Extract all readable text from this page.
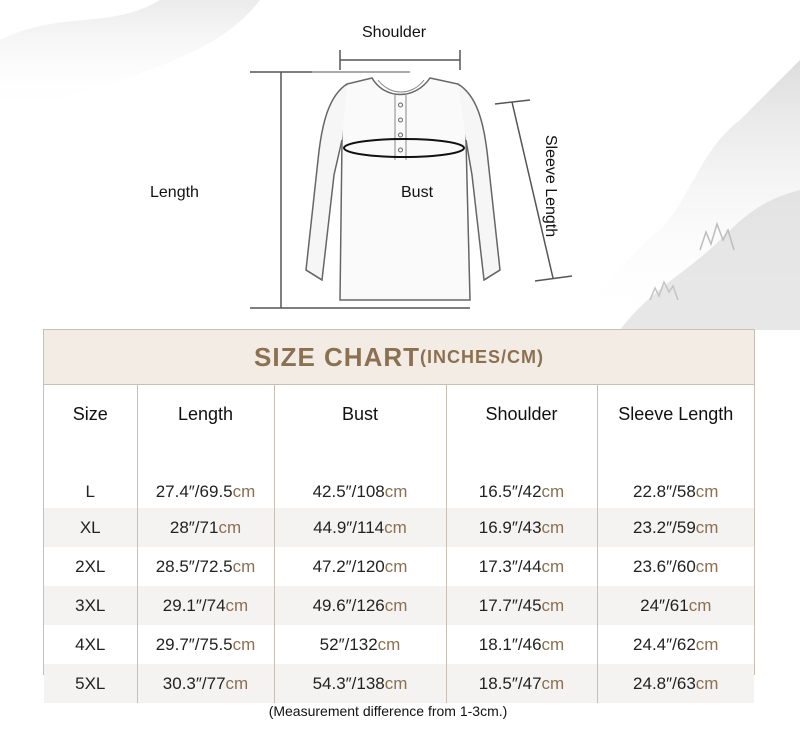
Shoulder
Length	Bust	Sleeve Length
SIZE CHART (INCHES/CM)
Size	Length	Bust	Shoulder	Sleeve Length
L	27.4″/69.5cm	42.5″/108cm	16.5″/42cm	22.8″/58cm
XL	28″/71cm	44.9″/114cm	16.9″/43cm	23.2″/59cm
2XL	28.5″/72.5cm	47.2″/120cm	17.3″/44cm	23.6″/60cm
3XL	29.1″/74cm	49.6″/126cm	17.7″/45cm	24″/61cm
4XL	29.7″/75.5cm	52″/132cm	18.1″/46cm	24.4″/62cm
5XL	30.3″/77cm	54.3″/138cm	18.5″/47cm	24.8″/63cm
(Measurement difference from 1-3cm.)
